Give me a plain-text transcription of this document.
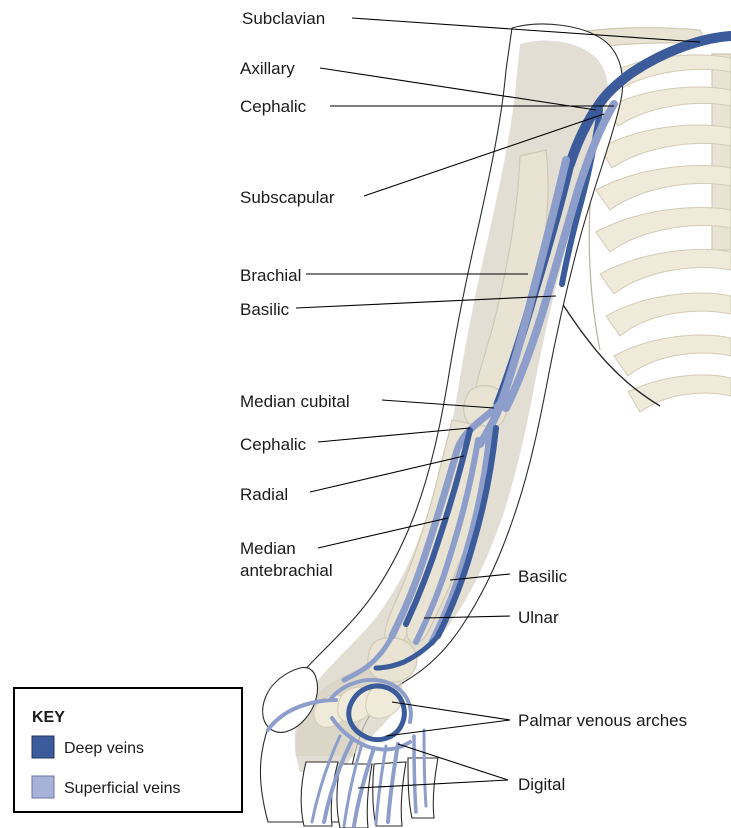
Subclavian
Axillary
Cephalic
Subscapular
Brachial
Basilic
Median cubital
Cephalic
Radial
Median
antebrachial	Basilic
Ulnar
Palmar venous arches
Digital
KEY
Deep veins
Superficial veins
